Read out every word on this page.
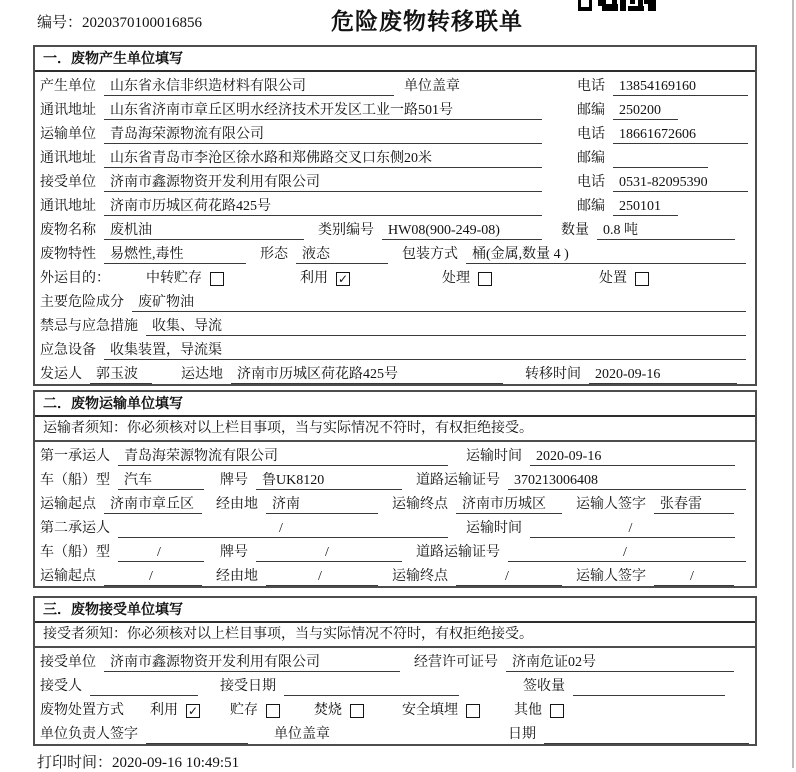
编号：2020370100016856	危险废物转移联单
一．废物产生单位填写
产生单位	山东省永信非织造材料有限公司	单位盖章	电话	13854169160
通讯地址	山东省济南市章丘区明水经济技术开发区工业一路501号	邮编	250200
运输单位	青岛海荣源物流有限公司	电话	18661672606
通讯地址	山东省青岛市李沧区徐水路和郑佛路交叉口东侧20米	邮编
接受单位	济南市鑫源物资开发利用有限公司	电话	0531-82095390
通讯地址	济南市历城区荷花路425号	邮编	250101
废物名称	废机油	类别编号	HW08(900-249-08)	数量	0.8 吨
废物特性	易燃性,毒性	形态	液态	包装方式	桶(金属,数量 4 )
外运目的：	中转贮存	利用 ✓	处理	处置
主要危险成分	废矿物油
禁忌与应急措施	收集、导流
应急设备	收集装置，导流渠
发运人	郭玉波	运达地	济南市历城区荷花路425号	转移时间	2020-09-16
二．废物运输单位填写
运输者须知：你必须核对以上栏目事项，当与实际情况不符时，有权拒绝接受。
第一承运人	青岛海荣源物流有限公司	运输时间	2020-09-16
车（船）型	汽车	牌号	鲁UK8120	道路运输证号	370213006408
运输起点	济南市章丘区	经由地	济南	运输终点	济南市历城区	运输人签字	张春雷
第二承运人	/	运输时间	/
车（船）型	/	牌号	/	道路运输证号	/
运输起点	/	经由地	/	运输终点	/	运输人签字	/
三．废物接受单位填写
接受者须知：你必须核对以上栏目事项，当与实际情况不符时，有权拒绝接受。
接受单位	济南市鑫源物资开发利用有限公司	经营许可证号	济南危证02号
接受人	接受日期	签收量
废物处置方式 利用 ✓ 贮存	焚烧	安全填埋	其他
单位负责人签字	单位盖章	日期
打印时间：2020-09-16 10:49:51
